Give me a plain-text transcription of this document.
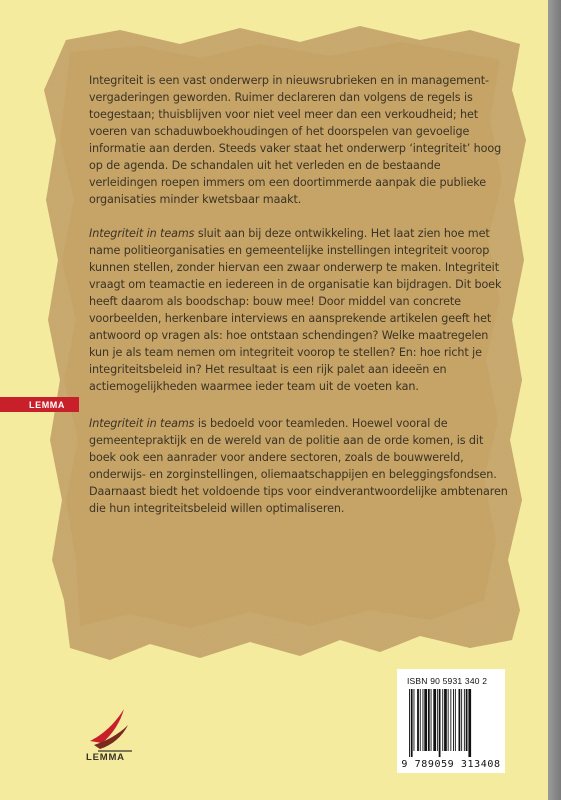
Integriteit is een vast onderwerp in nieuwsrubrieken en in management-vergaderingen geworden. Ruimer declareren dan volgens de regels is toegestaan; thuisblijven voor niet veel meer dan een verkoudheid; het voeren van schaduwboekhoudingen of het doorspelen van gevoelige informatie aan derden. Steeds vaker staat het onderwerp ‘integriteit’ hoog op de agenda. De schandalen uit het verleden en de bestaande verleidingen roepen immers om een doortimmerde aanpak die publieke organisaties minder kwetsbaar maakt.

Integriteit in teams sluit aan bij deze ontwikkeling. Het laat zien hoe met name politieorganisaties en gemeentelijke instellingen integriteit voorop kunnen stellen, zonder hiervan een zwaar onderwerp te maken. Integriteit vraagt om teamactie en iedereen in de organisatie kan bijdragen. Dit boek heeft daarom als boodschap: bouw mee! Door middel van concrete voorbeelden, herkenbare interviews en aansprekende artikelen geeft het antwoord op vragen als: hoe ontstaan schendingen? Welke maatregelen kun je als team nemen om integriteit voorop te stellen? En: hoe richt je integriteitsbeleid in? Het resultaat is een rijk palet aan ideeën en actiemogelijkheden waarmee ieder team uit de voeten kan.

Integriteit in teams is bedoeld voor teamleden. Hoewel vooral de gemeentepraktijk en de wereld van de politie aan de orde komen, is dit boek ook een aanrader voor andere sectoren, zoals de bouwwereld, onderwijs- en zorginstellingen, oliemaatschappijen en beleggingsfondsen. Daarnaast biedt het voldoende tips voor eindverantwoordelijke ambtenaren die hun integriteitsbeleid willen optimaliseren.

LEMMA
LEMMA
ISBN 90 5931 340 2
9 789059 313408
